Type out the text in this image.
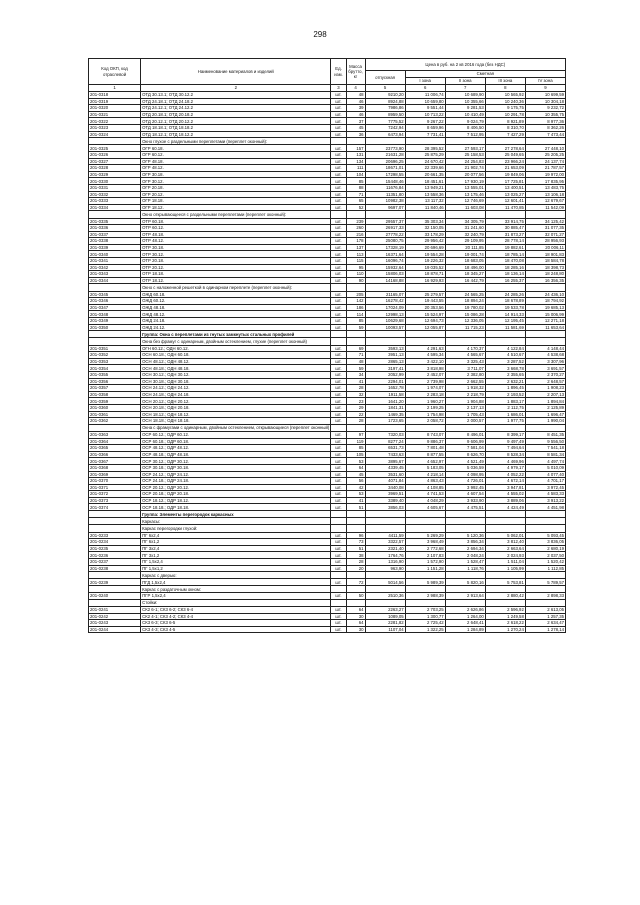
298
Код ОКП, код отраслевой	Наименование материалов и изделий	Ед. изм.	Масса брутто, кг	Цена в руб. на 2 кв 2016 года (без НДС)				
				отпускная	Сметная			
					I зона	II зона	III зона	IV зона
1	2	3	4	5	6	7	8	9
201-0318	ОТД 30.13.1; ОТД 30.12.2	шт.	48	9210,20	11 006,74	10 689,90	10 565,92	10 699,59
201-0319	ОТД 24.18.1; ОТД 24.18.2	шт.	46	8924,88	10 659,80	10 355,66	10 240,36	10 304,18
201-0320	ОТД 24.12.1; ОТД 24.12.2	шт.	39	7986,86	9 551,44	9 281,53	9 175,75	9 232,72
201-0321	ОТД 20.18.1; ОТД 20.18.2	шт.	46	8959,50	10 713,22	10 410,49	10 291,78	10 355,75
201-0322	ОТД 20.12.1; ОТД 20.12.2	шт.	37	7775,52	9 267,22	9 024,79	8 921,89	8 977,36
201-0323	ОТД 18.18.1; ОТД 18.18.2	шт.	45	7242,94	8 659,96	8 406,50	8 310,70	8 362,26
201-0324	ОТД 18.12.1; ОТД 18.12.2	шт.	36	6473,94	7 731,41	7 512,95	7 427,29	7 473,44
	Окно глухое с раздельными переплетами (переплет оконный):							
201-0325	ОГР 60.18.	шт.	157	23773,90	28 395,52	27 593,17	27 278,64	27 448,10
201-0326	ОГР 60.12.	шт.	131	21631,28	25 875,29	25 158,53	25 049,65	25 205,25
201-0327	ОГР 48.18.	шт.	134	20696,25	24 670,42	24 254,83	23 966,24	24 137,74
201-0328	ОГР 48.12.	шт.	111	18671,01	22 339,66	21 902,74	21 653,09	21 787,57
201-0329	ОГР 30.18.	шт.	104	17298,55	20 661,35	20 077,56	19 849,06	19 972,00
201-0330	ОГР 30.12.	шт.	85	15448,46	18 451,61	17 930,19	17 725,81	17 835,95
201-0331	ОГР 20.18.	шт.	88	11676,84	13 949,21	13 555,01	13 400,51	13 483,75
201-0332	ОГР 20.12.	шт.	71	11351,80	13 558,36	13 175,46	13 025,27	13 106,18
201-0333	ОГР 18.18.	шт.	65	10982,38	13 117,32	12 746,69	12 601,41	12 679,67
201-0334	ОГР 18.12.	шт.	52	9697,07	11 840,46	11 603,08	11 470,85	11 542,09
	Окно открывающееся с раздельными переплетами (переплет оконный):							
201-0335	ОТР 60.18.	шт.	239	29557,37	35 303,34	34 305,79	33 914,75	34 125,42
201-0336	ОТР 60.12.	шт.	260	26917,33	32 150,05	31 241,60	30 885,47	31 077,35
201-0337	ОТР 48.18.	шт.	216	27778,22	33 178,29	32 240,79	31 873,27	32 071,27
201-0338	ОТР 48.12.	шт.	178	25080,75	29 956,42	29 109,95	28 778,14	28 956,93
201-0339	ОТР 30.18.	шт.	137	17328,19	20 696,69	20 111,85	19 882,61	20 006,11
201-0340	ОТР 30.12.	шт.	113	16371,64	19 554,28	19 001,74	18 785,14	18 901,83
201-0341	ОТР 20.18.	шт.	115	16096,74	19 226,32	18 683,05	18 470,08	18 584,78
201-0342	ОТР 20.12.	шт.	95	15932,64	19 035,52	18 496,00	18 285,16	18 398,73
201-0343	ОТР 18.18.	шт.	110	15806,03	18 878,71	18 345,27	18 136,14	18 248,80
201-0344	ОТР 18.12.	шт.	90	14168,88	16 929,93	16 442,79	16 255,37	16 356,35
	Окно с наложенной решеткой в одинарном переплете (переплет оконный):							
201-0345	ОЖД 60.18.	шт.	205	21165,07	25 279,57	24 565,25	24 285,26	24 436,10
201-0346	ОЖД 60.12.	шт.	142	16278,42	19 443,55	18 894,24	18 678,89	18 794,92
201-0347	ОЖД 48.18.	шт.	186	17024,09	20 353,56	19 780,02	19 533,78	19 685,13
201-0348	ОЖД 48.12.	шт.	114	12998,13	15 524,97	15 086,28	14 914,33	15 006,99
201-0349	ОЖД 24.18.	шт.	85	10629,68	12 694,73	12 336,05	12 195,45	12 271,18
201-0350	ОЖД 24.12.	шт.	59	10093,57	12 055,87	11 715,23	11 581,69	11 653,64
	Группа: Окна с переплетами из гнутых замкнутых стальных профилей							
	Окна без фрамуг с одинарным, двойным остеклением, глухие (переплет оконный)							
201-0351	ОГН 60.12.; ОДН 60.12.	шт.	69	3593,13	4 291,63	4 170,37	4 122,84	4 148,44
201-0352	ОСН 60.18.; ОДН 60.18.	шт.	71	3951,13	4 595,34	4 565,67	4 510,67	4 538,68
201-0353	ОСН 48.12.; ОДН 48.12.	шт.	48	2865,13	3 422,10	3 325,43	3 287,52	3 307,96
201-0354	ОСН 48.18.; ОДН 48.18.	шт.	59	3197,41	3 818,98	3 711,07	3 668,78	3 691,57
201-0355	ОСН 30.12.; ОДН 30.12.	шт.	34	2052,99	2 452,07	2 382,80	2 355,65	2 370,27
201-0356	ОСН 30.18.; ОДН 30.18.	шт.	41	2294,01	2 739,98	2 662,55	2 632,21	2 648,57
201-0357	ОСН 24.12.; ОДН 24.12.	шт.	28	1652,78	1 974,07	1 918,32	1 896,45	1 908,23
201-0358	ОСН 24.18.; ОДН 24.18.	шт.	32	1911,58	2 283,18	2 218,79	2 193,52	2 207,13
201-0359	ОСН 20.12.; ОДН 20.12.	шт.	23	1641,20	1 960,27	1 904,88	1 883,17	1 894,84
201-0360	ОСН 20.18.; ОДН 20.18.	шт.	29	1841,31	2 199,25	2 137,13	2 112,75	2 125,89
201-0361	ОСН 18.12.; ОДН 18.12.	шт.	22	1469,35	1 754,98	1 705,43	1 686,01	1 696,47
201-0362	ОСН 18.18.; ОДН 18.18.	шт.	28	1723,65	2 058,72	2 000,57	1 977,75	1 990,04
	Окна с фрамугами с одинарным, двойным остеклением, открывающиеся (переплет оконный)							
201-0363	ОСР 60.12.; ОДР 60.12.	шт.	97	7320,03	8 743,07	8 496,01	8 399,17	8 451,35
201-0364	ОСР 60.18.; ОДР 60.18.	шт.	119	8277,24	9 886,37	9 606,99	9 497,49	9 556,50
201-0365	ОСР 48.12.; ОДР 48.12.	шт.	85	6531,73	7 801,48	7 581,04	7 494,64	7 541,18
201-0366	ОСР 48.18.; ОДР 48.18.	шт.	105	7433,63	8 877,55	8 626,70	8 528,34	8 581,34
201-0367	ОСР 30.12.; ОДР 30.12.	шт.	53	3895,67	4 652,97	4 521,49	4 469,96	4 497,74
201-0368	ОСР 30.18.; ОДР 30.18.	шт.	64	4339,45	5 183,05	5 036,59	4 979,17	5 010,09
201-0369	ОСР 24.12.; ОДР 24.12.	шт.	45	3531,60	4 218,14	4 098,95	4 052,22	4 077,40
201-0370	ОСР 24.18.; ОДР 24.18.	шт.	56	4071,84	4 863,43	4 726,01	4 672,14	4 701,17
201-0371	ОСР 20.12.; ОДР 20.12.	шт.	42	3440,08	4 108,85	3 992,45	3 947,81	3 972,45
201-0372	ОСР 20.18.; ОДР 20.18.	шт.	53	3969,51	4 741,53	4 607,54	4 555,02	4 583,33
201-0373	ОСР 18.12.; ОДР 18.12.	шт.	41	3389,40	4 048,29	3 933,90	3 889,06	3 913,22
201-0374	ОСР 18.18.; ОДР 18.18.	шт.	51	3856,03	4 605,67	4 475,51	4 424,49	4 451,98
	Группа: Элементы перегородок каркасных							
	Каркасы:							
	Каркас перегородки глухой:							
201-0233	ПГ 6х2,4	шт.	96	4411,59	5 269,29	5 120,36	5 062,01	5 093,45
201-0234	ПГ 6х1,2	шт.	73	3322,57	3 968,49	3 856,34	3 812,40	3 836,05
201-0235	ПГ 3х2,4	шт.	51	2321,40	2 772,68	2 694,34	2 663,64	2 680,19
201-0236	ПГ 3х1,2	шт.	38	1764,76	2 107,83	2 048,24	2 024,93	2 037,50
201-0237	ПГ 1,5х2,4	шт.	28	1316,90	1 572,90	1 528,47	1 511,04	1 520,42
201-0238	ПГ 1,5х1,2	шт.	20	963,90	1 151,28	1 118,76	1 105,99	1 112,85
	Каркас с дверью:							
201-0239	ПГД 1,5х2,4	шт.	72	5014,56	5 989,39	5 820,16	5 753,81	5 789,57
	Каркас с раздаточным окном:							
201-0240	ПГР 1,5х2,4	шт.	50	2510,36	2 988,39	2 913,64	2 880,42	2 898,33
	Стойки:							
201-0241	СК2 6-1; СК3 6-2; СК3 6-4	шт.	64	2263,27	2 703,25	2 626,86	2 596,92	2 613,05
201-0242	СК2 4-1; СК3 4-2; СК3 4-4	шт.	30	1089,05	1 300,77	1 264,00	1 249,58	1 257,35
201-0243	СК3 6-3; СК3 6-5	шт.	64	2281,82	2 725,42	2 648,41	2 618,22	2 634,47
201-0244	СК3 4-3; СК3 4-5	шт.	30	1107,04	1 322,25	1 284,89	1 270,24	1 278,14
